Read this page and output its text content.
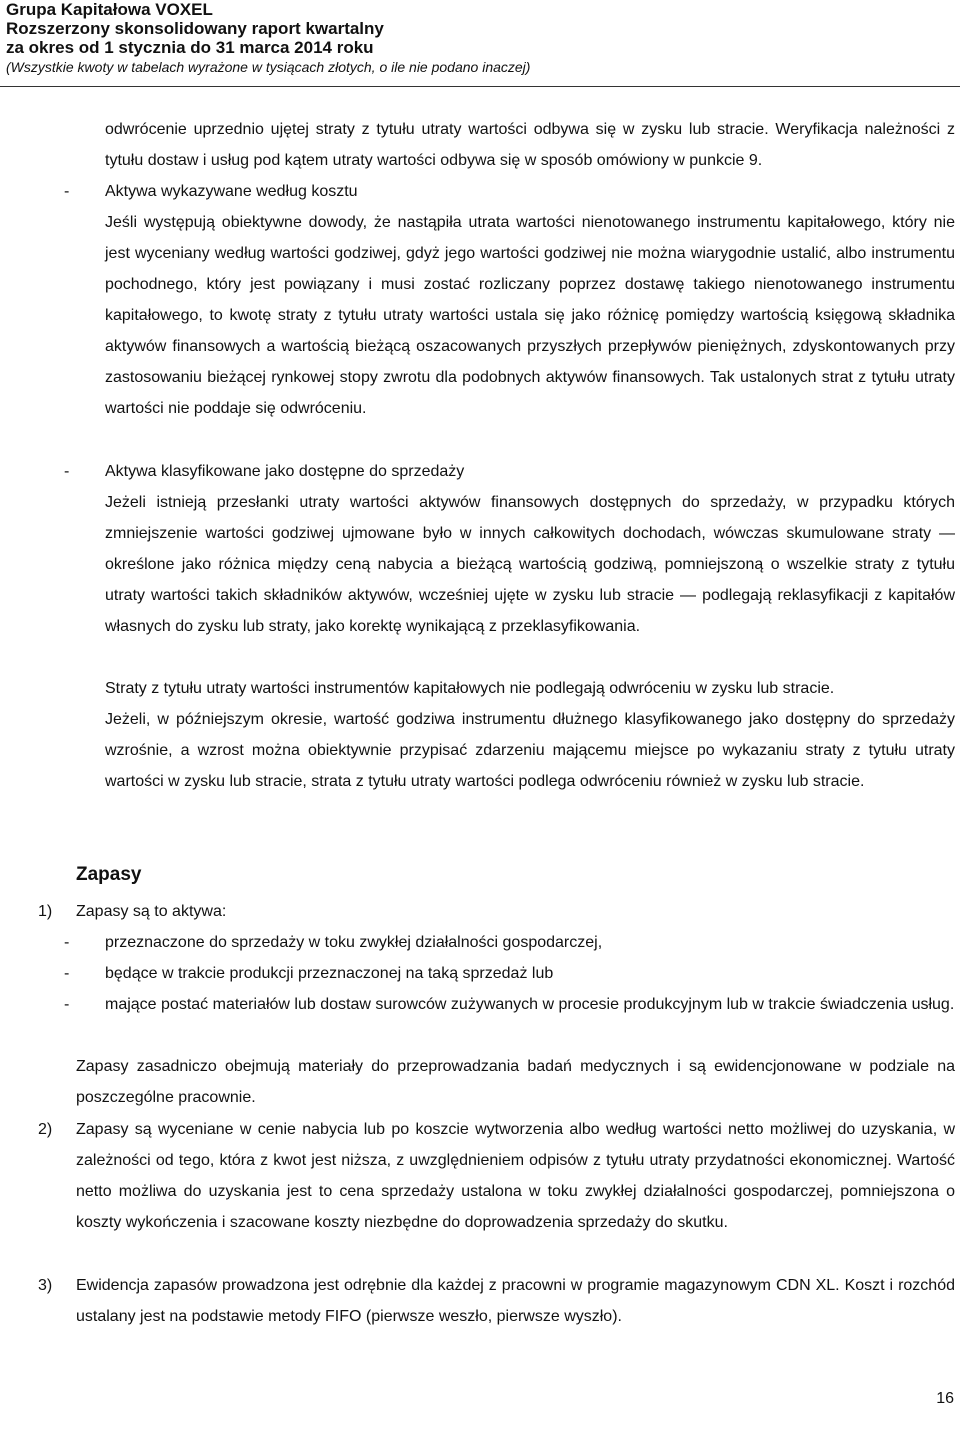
Grupa Kapitałowa VOXEL
Rozszerzony skonsolidowany raport kwartalny
za okres od 1 stycznia do 31 marca 2014 roku
(Wszystkie kwoty w tabelach wyrażone w tysiącach złotych, o ile nie podano inaczej)

odwrócenie uprzednio ujętej straty z tytułu utraty wartości odbywa się w zysku lub stracie. Weryfikacja należności z tytułu dostaw i usług pod kątem utraty wartości odbywa się w sposób omówiony w punkcie 9.

- Aktywa wykazywane według kosztu

Jeśli występują obiektywne dowody, że nastąpiła utrata wartości nienotowanego instrumentu kapitałowego, który nie jest wyceniany według wartości godziwej, gdyż jego wartości godziwej nie można wiarygodnie ustalić, albo instrumentu pochodnego, który jest powiązany i musi zostać rozliczany poprzez dostawę takiego nienotowanego instrumentu kapitałowego, to kwotę straty z tytułu utraty wartości ustala się jako różnicę pomiędzy wartością księgową składnika aktywów finansowych a wartością bieżącą oszacowanych przyszłych przepływów pieniężnych, zdyskontowanych przy zastosowaniu bieżącej rynkowej stopy zwrotu dla podobnych aktywów finansowych. Tak ustalonych strat z tytułu utraty wartości nie poddaje się odwróceniu.

- Aktywa klasyfikowane jako dostępne do sprzedaży

Jeżeli istnieją przesłanki utraty wartości aktywów finansowych dostępnych do sprzedaży, w przypadku których zmniejszenie wartości godziwej ujmowane było w innych całkowitych dochodach, wówczas skumulowane straty — określone jako różnica między ceną nabycia a bieżącą wartością godziwą, pomniejszoną o wszelkie straty z tytułu utraty wartości takich składników aktywów, wcześniej ujęte w zysku lub stracie — podlegają reklasyfikacji z kapitałów własnych do zysku lub straty, jako korektę wynikającą z przeklasyfikowania.

Straty z tytułu utraty wartości instrumentów kapitałowych nie podlegają odwróceniu w zysku lub stracie.

Jeżeli, w późniejszym okresie, wartość godziwa instrumentu dłużnego klasyfikowanego jako dostępny do sprzedaży wzrośnie, a wzrost można obiektywnie przypisać zdarzeniu mającemu miejsce po wykazaniu straty z tytułu utraty wartości w zysku lub stracie, strata z tytułu utraty wartości podlega odwróceniu również w zysku lub stracie.

Zapasy
1) Zapasy są to aktywa:

- przeznaczone do sprzedaży w toku zwykłej działalności gospodarczej,

- będące w trakcie produkcji przeznaczonej na taką sprzedaż lub

- mające postać materiałów lub dostaw surowców zużywanych w procesie produkcyjnym lub w trakcie świadczenia usług.

Zapasy zasadniczo obejmują materiały do przeprowadzania badań medycznych i są ewidencjonowane w podziale na poszczególne pracownie.

2) Zapasy są wyceniane w cenie nabycia lub po koszcie wytworzenia albo według wartości netto możliwej do uzyskania, w zależności od tego, która z kwot jest niższa, z uwzględnieniem odpisów z tytułu utraty przydatności ekonomicznej. Wartość netto możliwa do uzyskania jest to cena sprzedaży ustalona w toku zwykłej działalności gospodarczej, pomniejszona o koszty wykończenia i szacowane koszty niezbędne do doprowadzenia sprzedaży do skutku.

3) Ewidencja zapasów prowadzona jest odrębnie dla każdej z pracowni w programie magazynowym CDN XL. Koszt i rozchód ustalany jest na podstawie metody FIFO (pierwsze weszło, pierwsze wyszło).

16
